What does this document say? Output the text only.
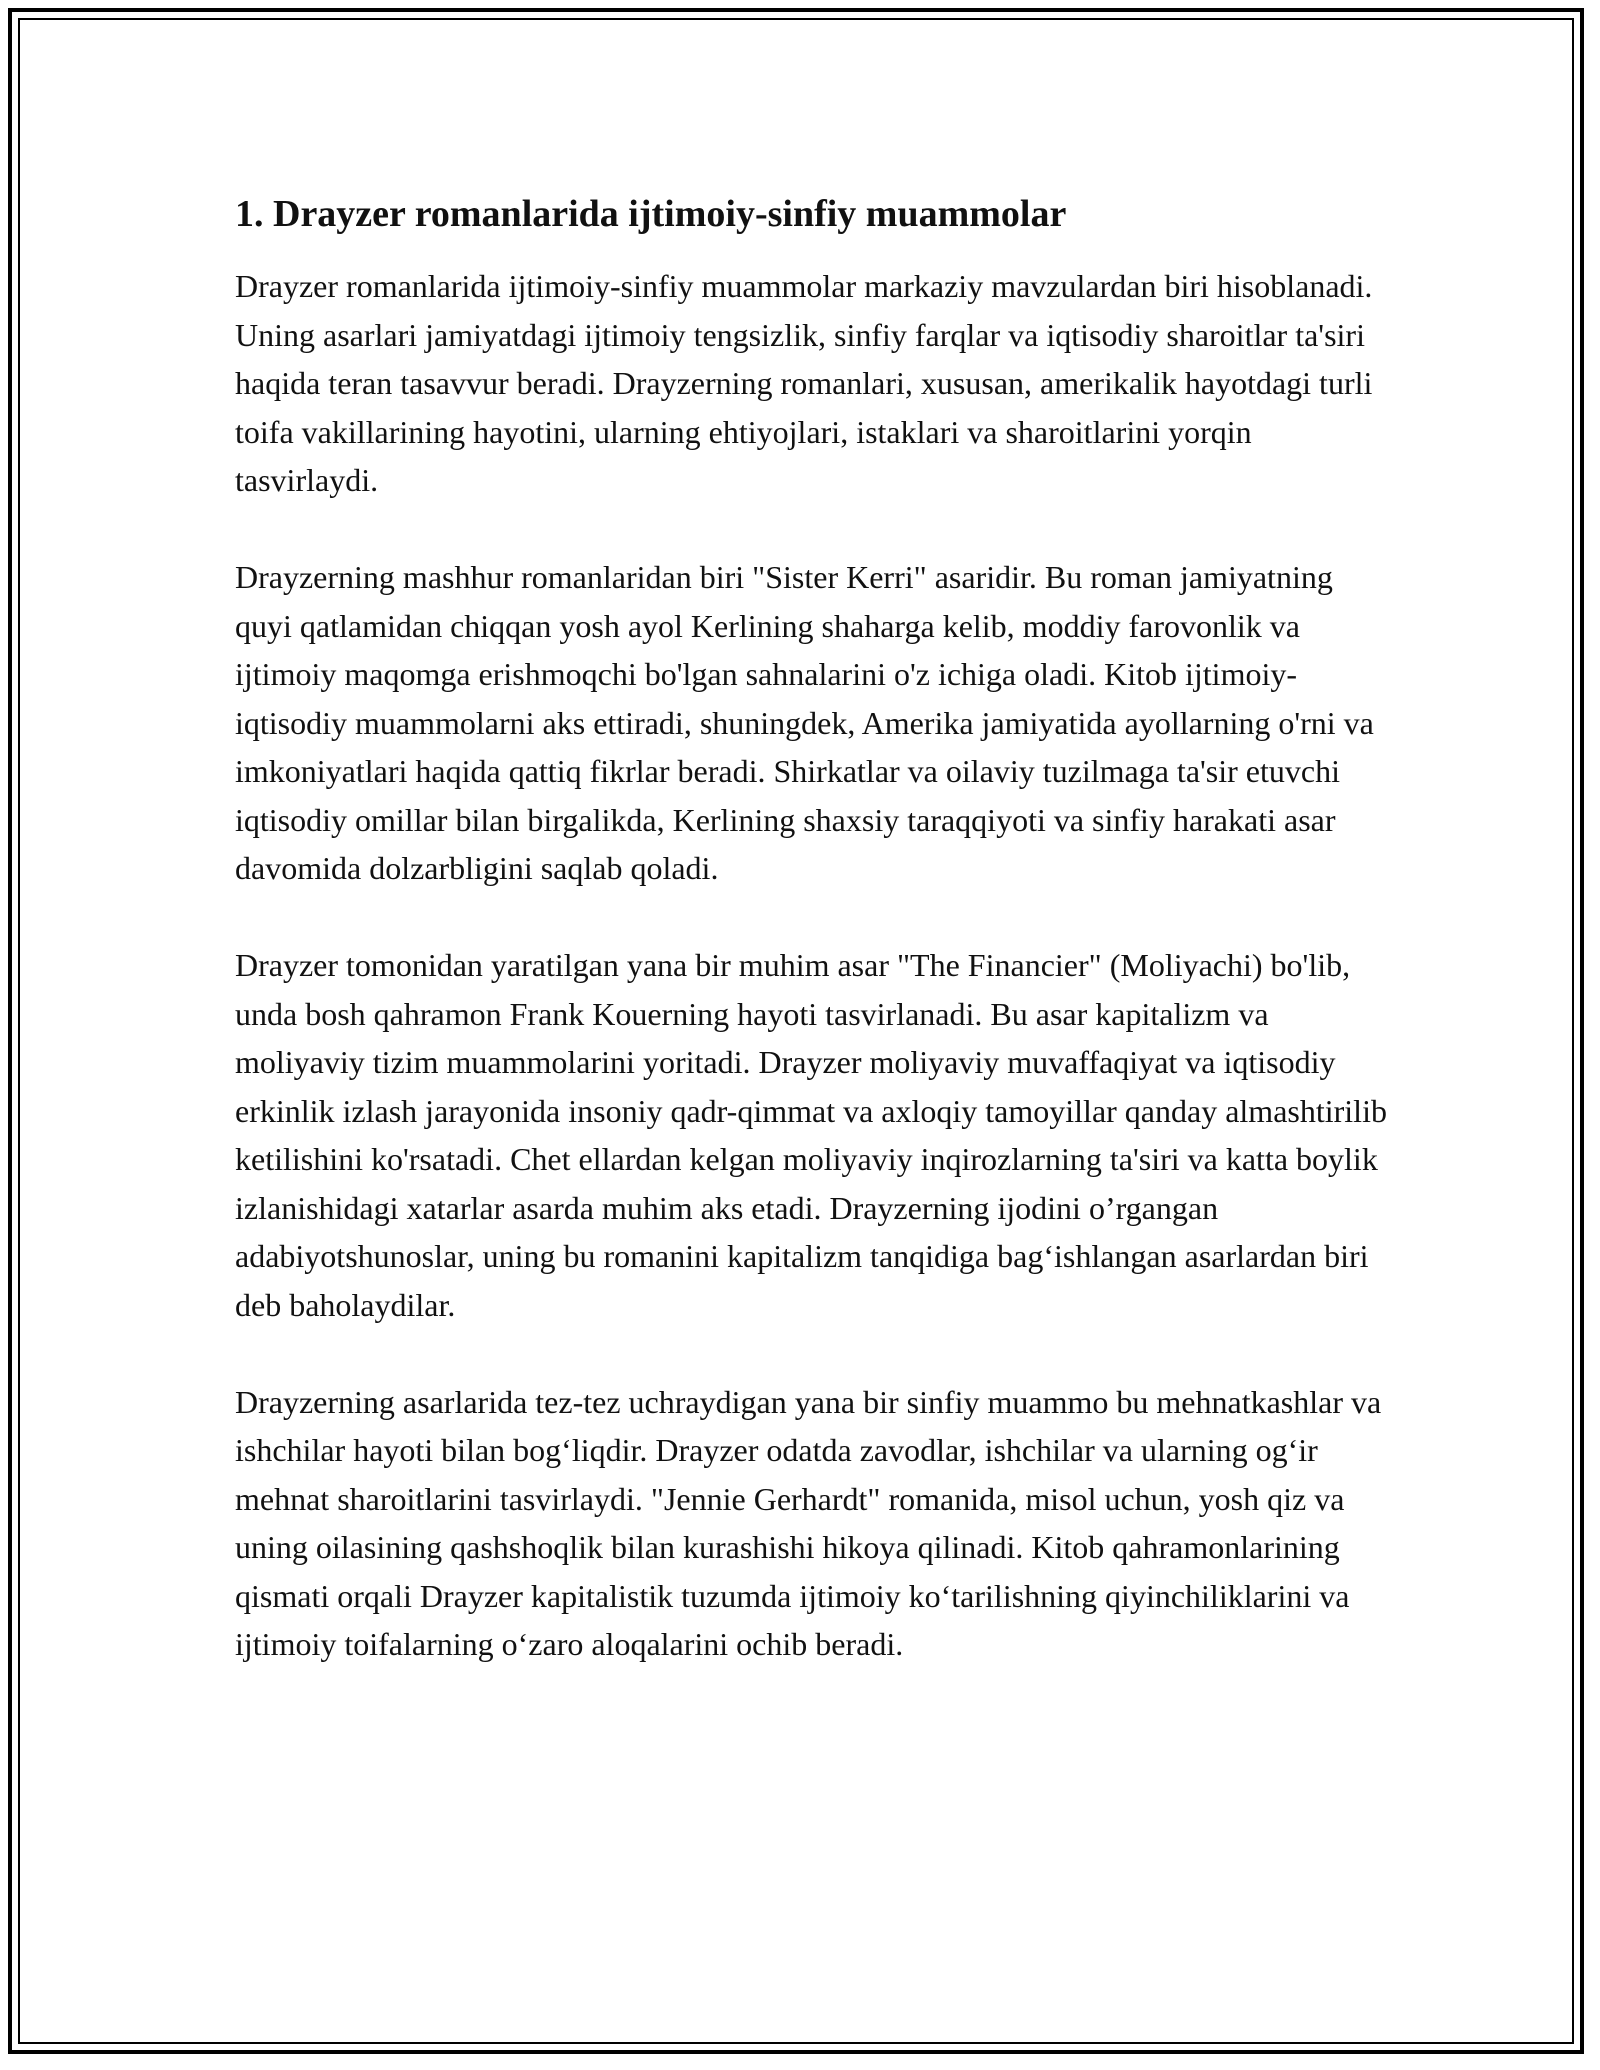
1. Drayzer romanlarida ijtimoiy-sinfiy muammolar

Drayzer romanlarida ijtimoiy-sinfiy muammolar markaziy mavzulardan biri hisoblanadi. Uning asarlari jamiyatdagi ijtimoiy tengsizlik, sinfiy farqlar va iqtisodiy sharoitlar ta'siri haqida teran tasavvur beradi. Drayzerning romanlari, xususan, amerikalik hayotdagi turli toifa vakillarining hayotini, ularning ehtiyojlari, istaklari va sharoitlarini yorqin tasvirlaydi.

Drayzerning mashhur romanlaridan biri "Sister Kerri" asaridir. Bu roman jamiyatning quyi qatlamidan chiqqan yosh ayol Kerlining shaharga kelib, moddiy farovonlik va ijtimoiy maqomga erishmoqchi bo'lgan sahnalarini o'z ichiga oladi. Kitob ijtimoiy-iqtisodiy muammolarni aks ettiradi, shuningdek, Amerika jamiyatida ayollarning o'rni va imkoniyatlari haqida qattiq fikrlar beradi. Shirkatlar va oilaviy tuzilmaga ta'sir etuvchi iqtisodiy omillar bilan birgalikda, Kerlining shaxsiy taraqqiyoti va sinfiy harakati asar davomida dolzarbligini saqlab qoladi.

Drayzer tomonidan yaratilgan yana bir muhim asar "The Financier" (Moliyachi) bo'lib, unda bosh qahramon Frank Kouerning hayoti tasvirlanadi. Bu asar kapitalizm va moliyaviy tizim muammolarini yoritadi. Drayzer moliyaviy muvaffaqiyat va iqtisodiy erkinlik izlash jarayonida insoniy qadr-qimmat va axloqiy tamoyillar qanday almashtirilib ketilishini ko'rsatadi. Chet ellardan kelgan moliyaviy inqirozlarning ta'siri va katta boylik izlanishidagi xatarlar asarda muhim aks etadi. Drayzerning ijodini o’rgangan adabiyotshunoslar, uning bu romanini kapitalizm tanqidiga bag‘ishlangan asarlardan biri deb baholaydilar.

Drayzerning asarlarida tez-tez uchraydigan yana bir sinfiy muammo bu mehnatkashlar va ishchilar hayoti bilan bog‘liqdir. Drayzer odatda zavodlar, ishchilar va ularning og‘ir mehnat sharoitlarini tasvirlaydi. "Jennie Gerhardt" romanida, misol uchun, yosh qiz va uning oilasining qashshoqlik bilan kurashishi hikoya qilinadi. Kitob qahramonlarining qismati orqali Drayzer kapitalistik tuzumda ijtimoiy ko‘tarilishning qiyinchiliklarini va ijtimoiy toifalarning o‘zaro aloqalarini ochib beradi.
